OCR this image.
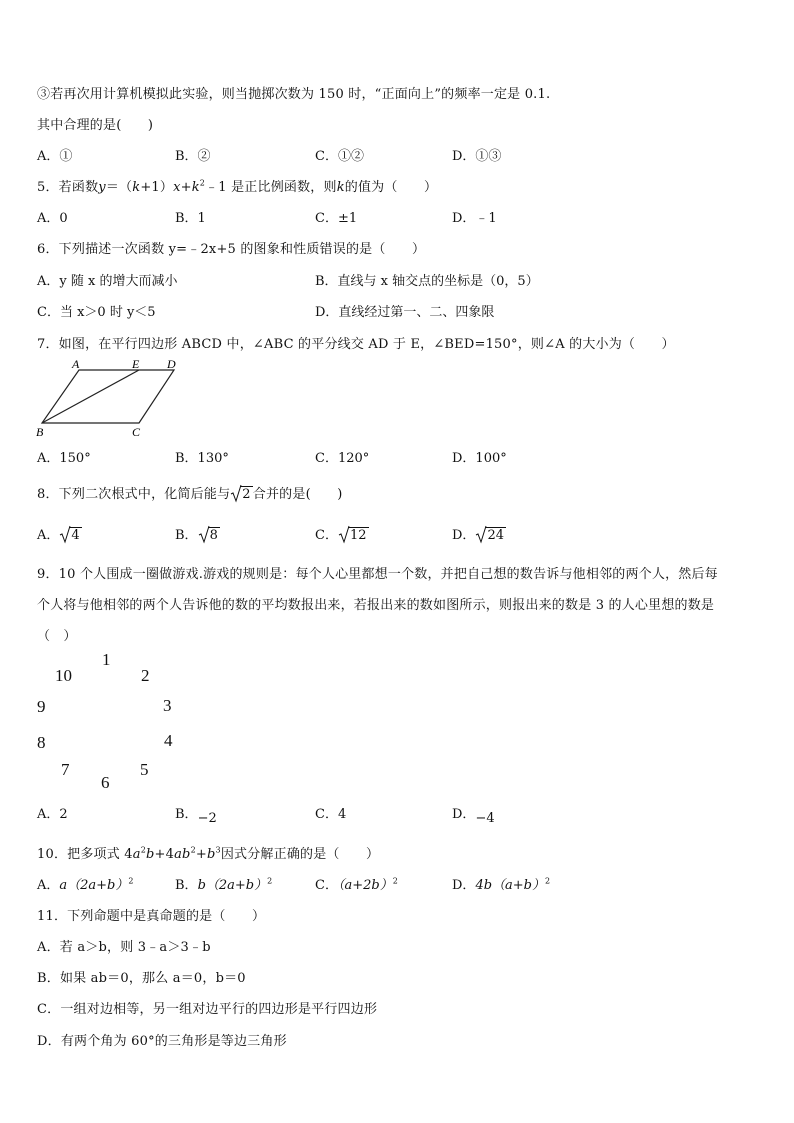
③若再次用计算机模拟此实验，则当抛掷次数为 150 时，“正面向上”的频率一定是 0.1.
其中合理的是(　　)
A．①	B．②	C．①②	D．①③
5．若函数$y=(k+1)x+k^2﹣1$ 是正比例函数，则k的值为（　　）
A．0	B．1	C．±1	D．﹣1
6．下列描述一次函数 y=﹣2x+5 的图象和性质错误的是（　　）
A．y 随 x 的增大而减小	B．直线与 x 轴交点的坐标是（0，5）
C．当 x＞0 时 y＜5	D．直线经过第一、二、四象限
7．如图，在平行四边形 ABCD 中，∠ABC 的平分线交 AD 于 E，∠BED=150°，则∠A 的大小为（　　）
A	E D
B	C
A．150°	B．130°	C．120°	D．100°
8．下列二次根式中，化简后能与 2 合并的是(　　)
A． 4	B． 8	C． 12	D． 24
9．10 个人围成一圈做游戏.游戏的规则是：每个人心里都想一个数，并把自己想的数告诉与他相邻的两个人，然后每
个人将与他相邻的两个人告诉他的数的平均数报出来，若报出来的数如图所示，则报出来的数是 3 的人心里想的数是
（　）
1
2
3
4
5
6
7
8
9
10
A．2	B．−2	C．4	D．−4
10．把多项式 $4a^2b+4ab^2+b^3$因式分解正确的是（　　）
A．$a(2a+b)^2$	B．$b(2a+b)^2$	C．$(a+2b)^2$	D．$4b(a+b)^2$
11．下列命题中是真命题的是（　　）
A．若 a＞b，则 3﹣a＞3﹣b
B．如果 ab＝0，那么 a＝0，b＝0
C．一组对边相等，另一组对边平行的四边形是平行四边形
D．有两个角为 60°的三角形是等边三角形
